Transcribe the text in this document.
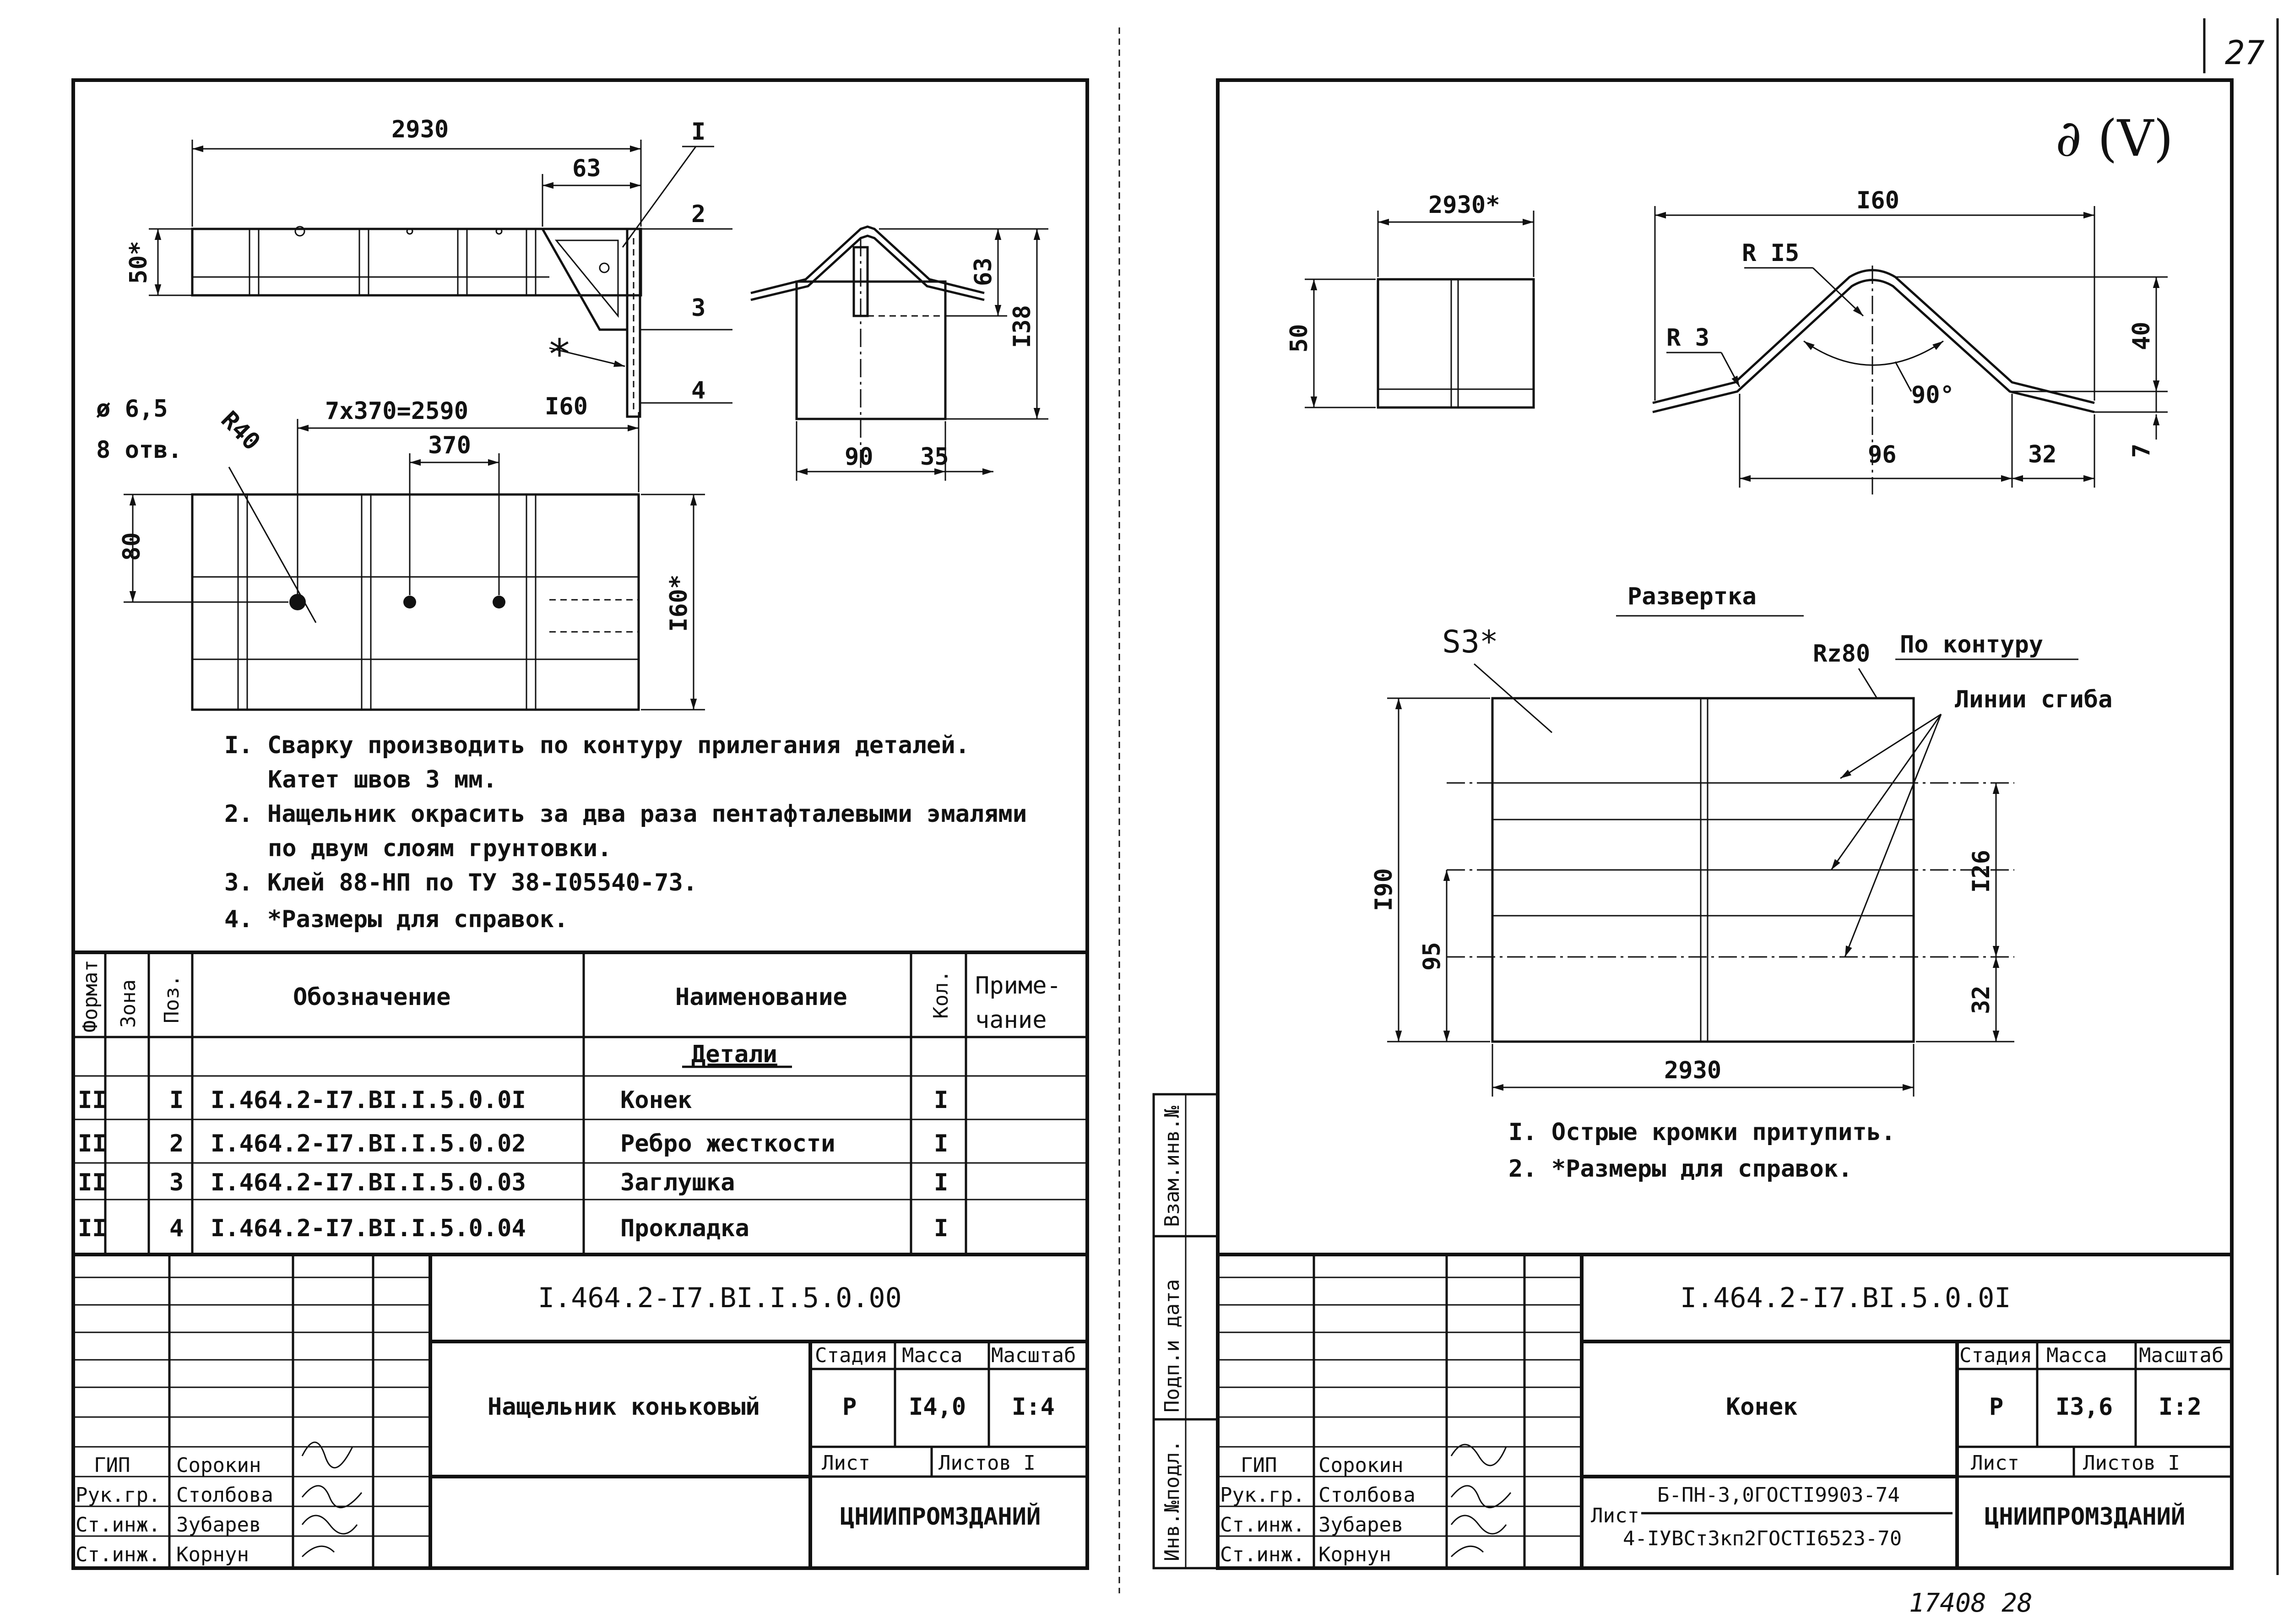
27
∂ (V)
17408 28
2930
63
50*
I
2
3
4
*
63
I38
90 35
7x370=2590	I60
370
80
I60*
ø 6,5
8 отв. R40
I. Сварку производить по контуру прилегания деталей.
Катет швов 3 мм.
2. Нащельник окрасить за два раза пентафталевыми эмалями
по двум слоям грунтовки.
3. Клей 88-НП по ТУ 38-I05540-73.
4. *Размеры для справок.
Формат Зона Поз.	Обозначение	Наименование	Кол. Приме-
чание
Детали
II	I I.464.2-I7.BI.I.5.0.0I	Конек	I
II	2 I.464.2-I7.BI.I.5.0.02	Ребро жесткости	I
II	3 I.464.2-I7.BI.I.5.0.03	Заглушка	I
II	4 I.464.2-I7.BI.I.5.0.04	Прокладка	I
I.464.2-I7.BI.I.5.0.00
Нащельник коньковый
Стадия Масса Масштаб
Р I4,0 I:4
Лист	Листов I
ЦНИИПРОМЗДАНИЙ
ГИП Сорокин
Рук.гр. Столбова
Ст.инж. Зубарев
Ст.инж. Корнун
Взам.инв.№
Подп.и дата
Инв.№подл.
2930*
50
I60
R I5
R 3
90°
40
7
96	32
Развертка
S3*	Rz80 По контуру
Линии сгиба
I90
95
I26
32
2930
I. Острые кромки притупить.
2. *Размеры для справок.
I.464.2-I7.BI.5.0.0I
Конек
Стадия Масса Масштаб
Р I3,6 I:2
Лист	Листов I
Б-ПН-3,0ГОСТI9903-74
Лист
4-IУВСт3кп2ГОСТI6523-70
ЦНИИПРОМЗДАНИЙ
ГИП Сорокин
Рук.гр. Столбова
Ст.инж. Зубарев
Ст.инж. Корнун
